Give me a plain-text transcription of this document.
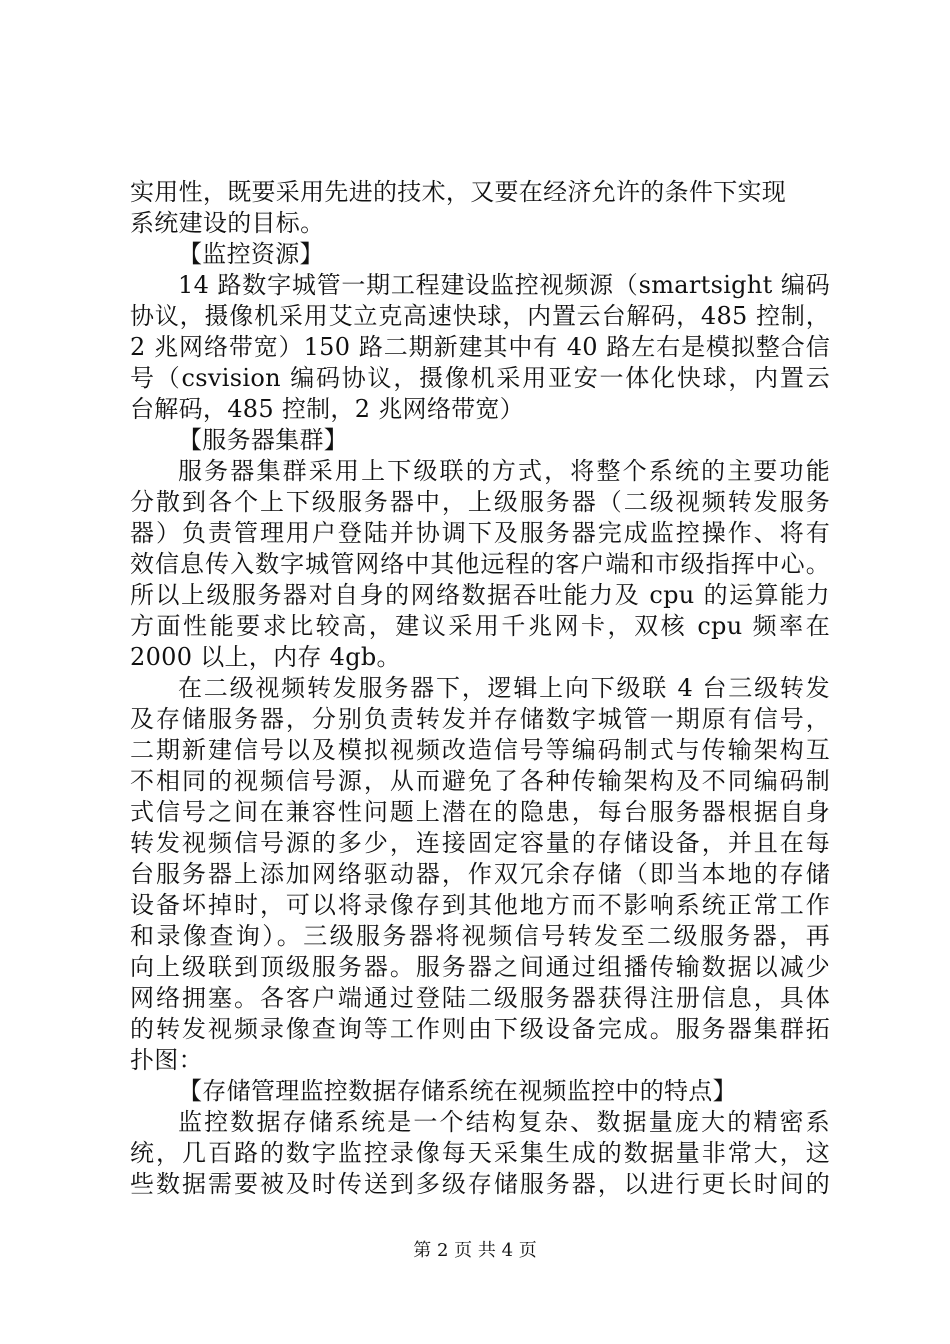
实用性，既要采用先进的技术，又要在经济允许的条件下实现
系统建设的目标。
【监控资源】
14 路数字城管一期工程建设监控视频源（smartsight 编码
协议，摄像机采用艾立克高速快球，内置云台解码，485 控制，
2 兆网络带宽）150 路二期新建其中有 40 路左右是模拟整合信
号（csvision 编码协议，摄像机采用亚安一体化快球，内置云
台解码，485 控制，2 兆网络带宽）
【服务器集群】
服务器集群采用上下级联的方式，将整个系统的主要功能
分散到各个上下级服务器中，上级服务器（二级视频转发服务
器）负责管理用户登陆并协调下及服务器完成监控操作、将有
效信息传入数字城管网络中其他远程的客户端和市级指挥中心。
所以上级服务器对自身的网络数据吞吐能力及 cpu 的运算能力
方面性能要求比较高，建议采用千兆网卡，双核 cpu 频率在
2000 以上，内存 4gb。
在二级视频转发服务器下，逻辑上向下级联 4 台三级转发
及存储服务器，分别负责转发并存储数字城管一期原有信号，
二期新建信号以及模拟视频改造信号等编码制式与传输架构互
不相同的视频信号源，从而避免了各种传输架构及不同编码制
式信号之间在兼容性问题上潜在的隐患，每台服务器根据自身
转发视频信号源的多少，连接固定容量的存储设备，并且在每
台服务器上添加网络驱动器，作双冗余存储（即当本地的存储
设备坏掉时，可以将录像存到其他地方而不影响系统正常工作
和录像查询）。三级服务器将视频信号转发至二级服务器，再
向上级联到顶级服务器。服务器之间通过组播传输数据以减少
网络拥塞。各客户端通过登陆二级服务器获得注册信息，具体
的转发视频录像查询等工作则由下级设备完成。服务器集群拓
扑图：
【存储管理监控数据存储系统在视频监控中的特点】
监控数据存储系统是一个结构复杂、数据量庞大的精密系
统，几百路的数字监控录像每天采集生成的数据量非常大，这
些数据需要被及时传送到多级存储服务器，以进行更长时间的
第 2 页 共 4 页
